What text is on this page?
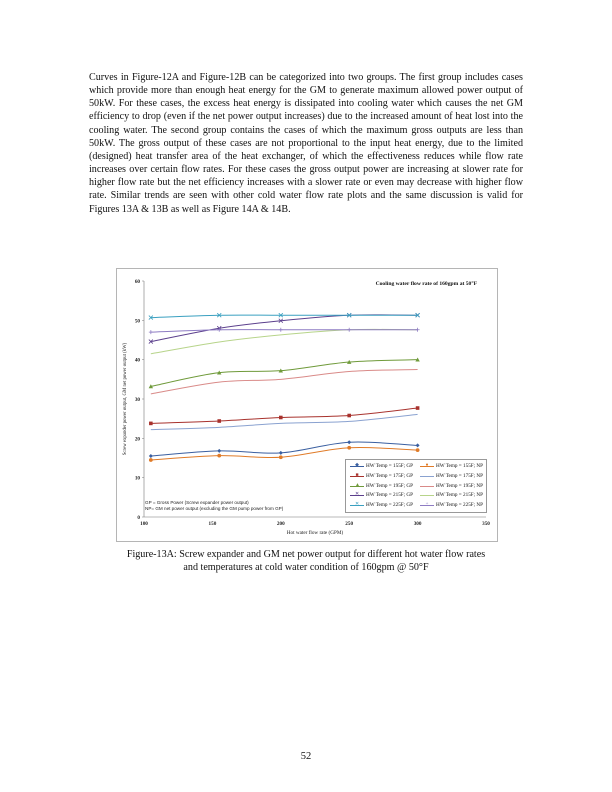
Curves in Figure-12A and Figure-12B can be categorized into two groups. The first group includes cases which provide more than enough heat energy for the GM to generate maximum allowed power output of 50kW. For these cases, the excess heat energy is dissipated into cooling water which causes the net GM efficiency to drop (even if the net power output increases) due to the increased amount of heat lost into the cooling water. The second group contains the cases of which the maximum gross outputs are less than 50kW. The gross output of these cases are not proportional to the input heat energy, due to the limited (designed) heat transfer area of the heat exchanger, of which the effectiveness reduces while flow rate increases over certain flow rates. For these cases the gross output power are increasing at slower rate for higher flow rate but the net efficiency increases with a slower rate or even may decrease with higher flow rate. Similar trends are seen with other cold water flow rate plots and the same discussion is valid for Figures 13A & 13B as well as Figure 14A & 14B.

0
10
20
30
40
50
60
100	150	200	250	300	350
Hot water flow rate (GPM)
Screw expander power output, GM net power output (kW)
Cooling water flow rate of 160gpm at 50°F
◆ HW Temp = 155F; GP
■ HW Temp = 175F; GP
▲ HW Temp = 195F; GP
✕ HW Temp = 215F; GP
✕ HW Temp = 225F; GP
● HW Temp = 155F; NP
HW Temp = 175F; NP
HW Temp = 195F; NP
HW Temp = 215F; NP
+ HW Temp = 225F; NP
GP = Gross Power (Screw expander power output)
NP= GM net power output (excluding the GM pump power from GP)
Figure-13A: Screw expander and GM net power output for different hot water flow rates
and temperatures at cold water condition of 160gpm @ 50°F
52
